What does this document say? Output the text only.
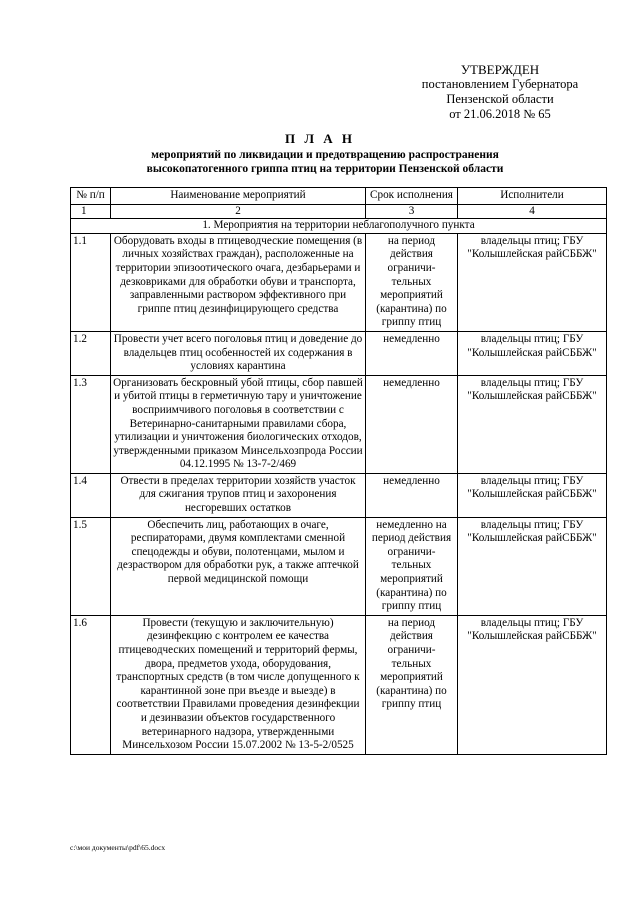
УТВЕРЖДЕН
постановлением Губернатора
Пензенской области
от 21.06.2018 № 65
П Л А Н
мероприятий по ликвидации и предотвращению распространения
высокопатогенного гриппа птиц на территории Пензенской области
№ п/п	Наименование мероприятий	Срок исполнения	Исполнители
1	2	3	4
1. Мероприятия на территории неблагополучного пункта			
1.1	Оборудовать входы в птицеводческие помещения (в личных хозяйствах граждан), расположенные на территории эпизоотического очага, дезбарьерами и дезковриками для обработки обуви и транспорта, заправленными раствором эффективного при гриппе птиц дезинфицирующего средства	на период действия ограничи-тельных мероприятий (карантина) по гриппу птиц	владельцы птиц; ГБУ "Колышлейская райСББЖ"
1.2	Провести учет всего поголовья птиц и доведение до владельцев птиц особенностей их содержания в условиях карантина	немедленно	владельцы птиц; ГБУ "Колышлейская райСББЖ"
1.3	Организовать бескровный убой птицы, сбор павшей и убитой птицы в герметичную тару и уничтожение восприимчивого поголовья в соответствии с Ветеринарно-санитарными правилами сбора, утилизации и уничтожения биологических отходов, утвержденными приказом Минсельхозпрода России 04.12.1995 № 13-7-2/469	немедленно	владельцы птиц; ГБУ "Колышлейская райСББЖ"
1.4	Отвести в пределах территории хозяйств участок для сжигания трупов птиц и захоронения несгоревших остатков	немедленно	владельцы птиц; ГБУ "Колышлейская райСББЖ"
1.5	Обеспечить лиц, работающих в очаге, респираторами, двумя комплектами сменной спецодежды и обуви, полотенцами, мылом и дезраствором для обработки рук, а также аптечкой первой медицинской помощи	немедленно на период действия ограничи-тельных мероприятий (карантина) по гриппу птиц	владельцы птиц; ГБУ "Колышлейская райСББЖ"
1.6	Провести (текущую и заключительную) дезинфекцию с контролем ее качества птицеводческих помещений и территорий фермы, двора, предметов ухода, оборудования, транспортных средств (в том числе допущенного к карантинной зоне при въезде и выезде) в соответствии Правилами проведения дезинфекции и дезинвазии объектов государственного ветеринарного надзора, утвержденными Минсельхозом России 15.07.2002 № 13-5-2/0525	на период действия ограничи-тельных мероприятий (карантина) по гриппу птиц	владельцы птиц; ГБУ "Колышлейская райСББЖ"
c:\мои документы\pdf\65.docx
